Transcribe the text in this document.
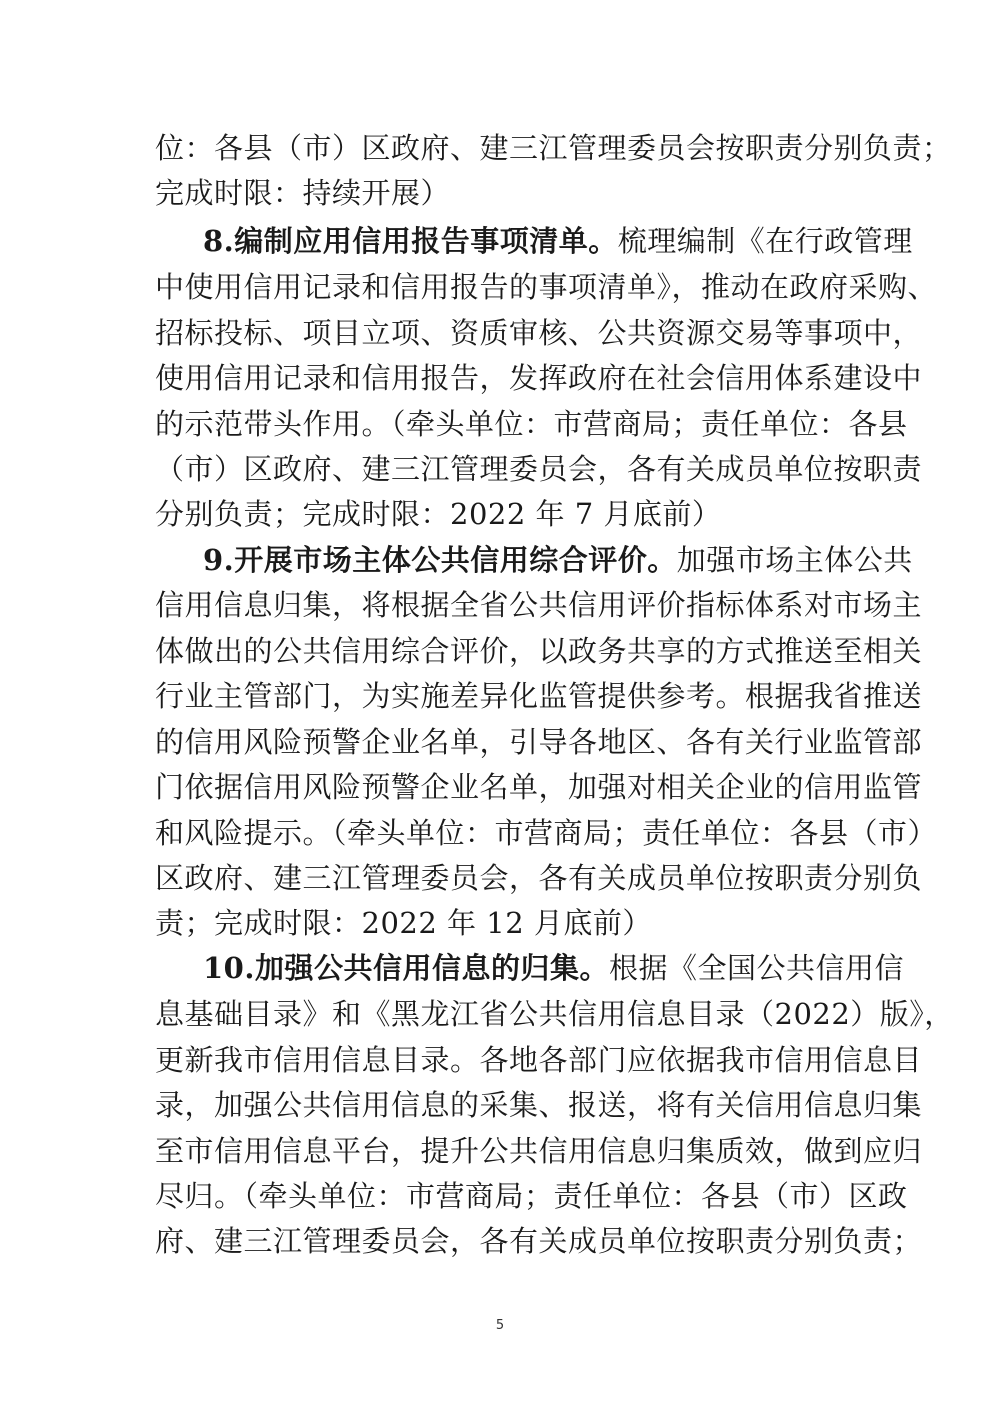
位：各县（市）区政府、建三江管理委员会按职责分别负责；
完成时限：持续开展）
8.编制应用信用报告事项清单。梳理编制《在行政管理
中使用信用记录和信用报告的事项清单》，推动在政府采购、
招标投标、项目立项、资质审核、公共资源交易等事项中，
使用信用记录和信用报告，发挥政府在社会信用体系建设中
的示范带头作用。（牵头单位：市营商局；责任单位：各县
（市）区政府、建三江管理委员会，各有关成员单位按职责
分别负责；完成时限：2022 年 7 月底前）
9.开展市场主体公共信用综合评价。加强市场主体公共
信用信息归集，将根据全省公共信用评价指标体系对市场主
体做出的公共信用综合评价，以政务共享的方式推送至相关
行业主管部门，为实施差异化监管提供参考。根据我省推送
的信用风险预警企业名单，引导各地区、各有关行业监管部
门依据信用风险预警企业名单，加强对相关企业的信用监管
和风险提示。（牵头单位：市营商局；责任单位：各县（市）
区政府、建三江管理委员会，各有关成员单位按职责分别负
责；完成时限：2022 年 12 月底前）
10.加强公共信用信息的归集。根据《全国公共信用信
息基础目录》和《黑龙江省公共信用信息目录（2022）版》，
更新我市信用信息目录。各地各部门应依据我市信用信息目
录，加强公共信用信息的采集、报送，将有关信用信息归集
至市信用信息平台，提升公共信用信息归集质效，做到应归
尽归。（牵头单位：市营商局；责任单位：各县（市）区政
府、建三江管理委员会，各有关成员单位按职责分别负责；
5
